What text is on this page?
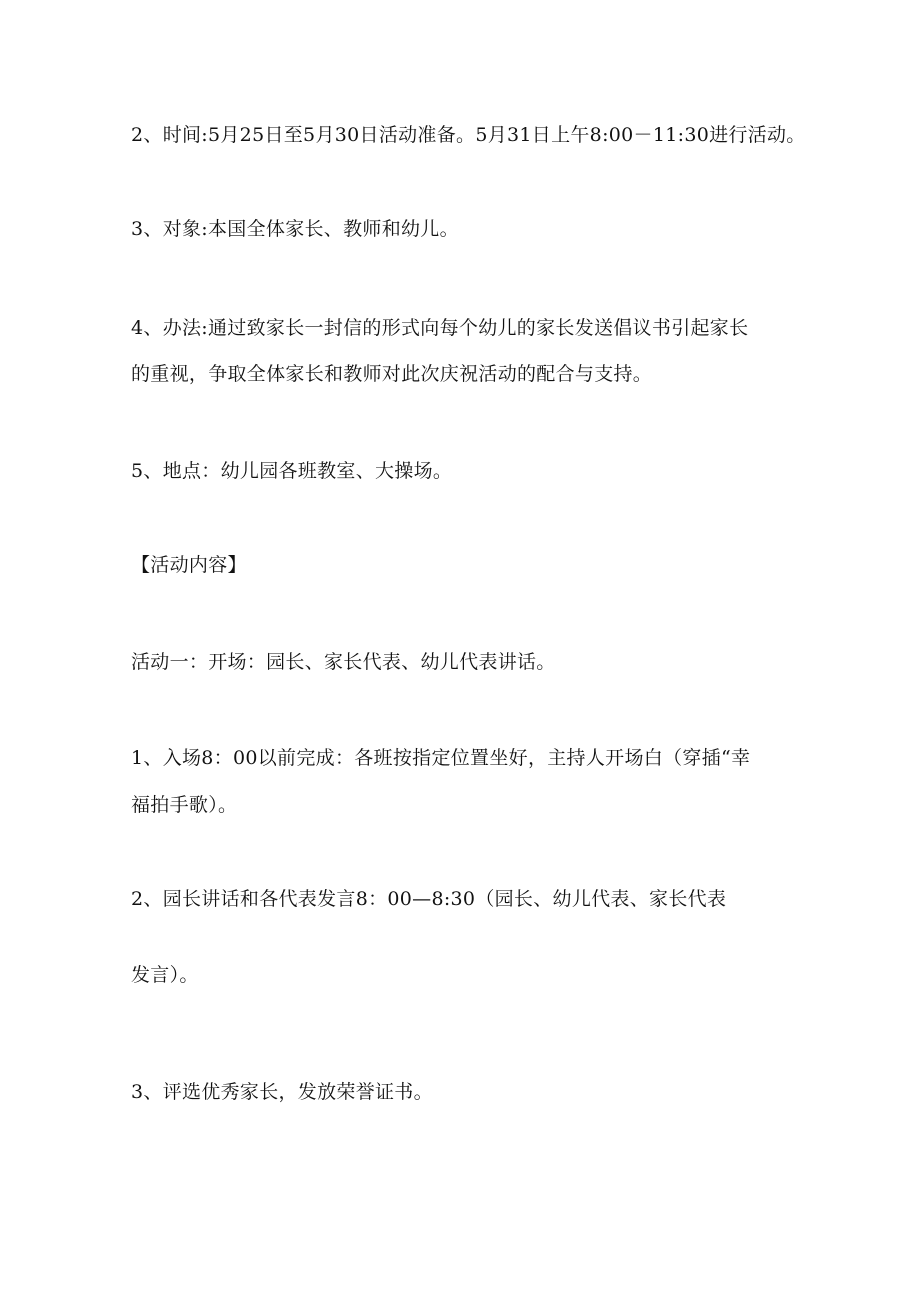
2、时间:5月25日至5月30日活动准备。5月31日上午8:00－11:30进行活动。
3、对象:本国全体家长、教师和幼儿。
4、办法:通过致家长一封信的形式向每个幼儿的家长发送倡议书引起家长
的重视，争取全体家长和教师对此次庆祝活动的配合与支持。
5、地点：幼儿园各班教室、大操场。
【活动内容】
活动一：开场：园长、家长代表、幼儿代表讲话。
1、入场8：00以前完成：各班按指定位置坐好，主持人开场白（穿插“幸
福拍手歌）。
2、园长讲话和各代表发言8：00—8:30（园长、幼儿代表、家长代表
发言）。
3、评选优秀家长，发放荣誉证书。
